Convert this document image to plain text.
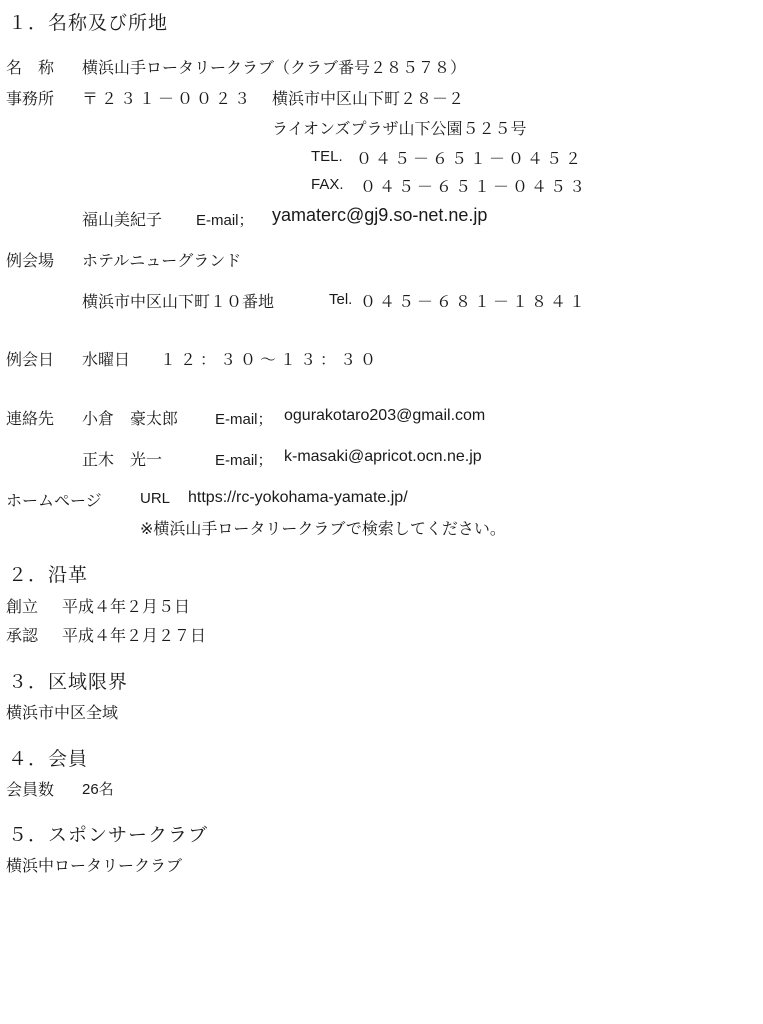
１．名称及び所地
名　称 横浜山手ロータリークラブ（クラブ番号２８５７８）
事務所 〒２３１－００２３ 横浜市中区山下町２８－２
ライオンズプラザ山下公園５２５号
TEL. ０４５－６５１－０４５２
FAX. ０４５－６５１－０４５３
福山美紀子 E-mail； yamaterc@gj9.so-net.ne.jp
例会場 ホテルニューグランド
横浜市中区山下町１０番地	Tel. ０４５－６８１－１８４１
例会日 水曜日 １２：３０～１３：３０
連絡先 小倉　豪太郎 E-mail； ogurakotaro203@gmail.com
正木　光一	E-mail； k-masaki@apricot.ocn.ne.jp
ホームページ	URL https://rc-yokohama-yamate.jp/
※横浜山手ロータリークラブで検索してください。
２．沿革
創立 平成４年２月５日
承認 平成４年２月２７日
３．区域限界
横浜市中区全域
４．会員
会員数 26名
５．スポンサークラブ
横浜中ロータリークラブ
